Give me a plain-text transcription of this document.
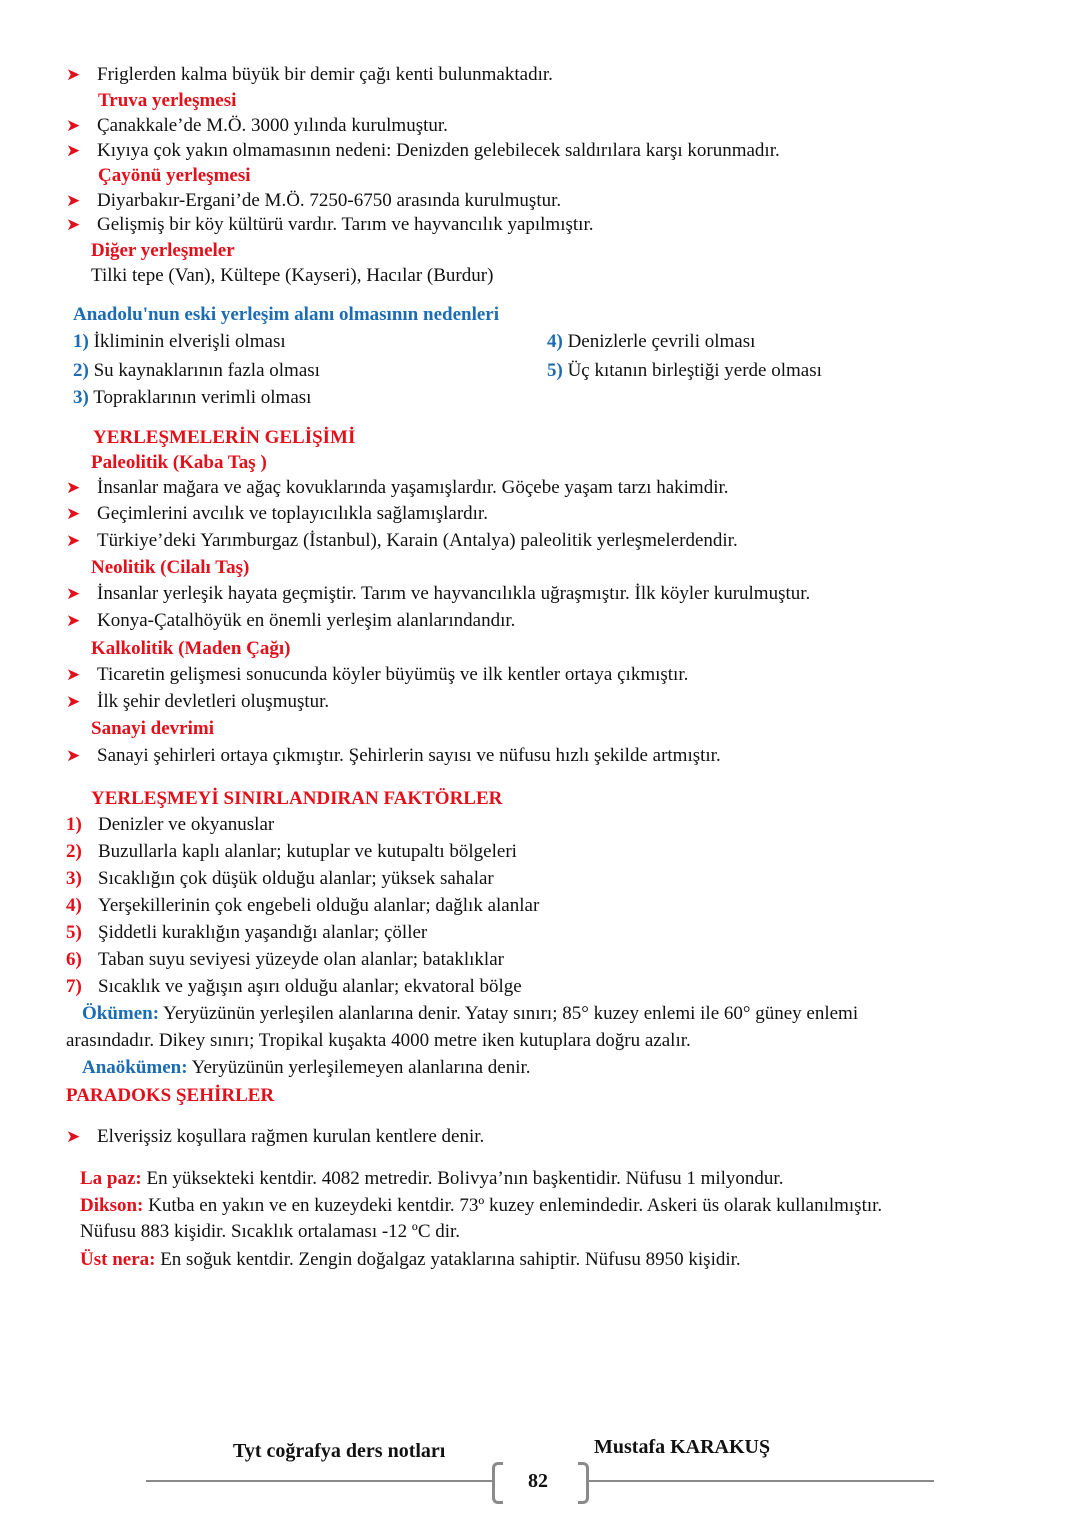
➤ Friglerden kalma büyük bir demir çağı kenti bulunmaktadır.
Truva yerleşmesi
➤ Çanakkale’de M.Ö. 3000 yılında kurulmuştur.
➤ Kıyıya çok yakın olmamasının nedeni: Denizden gelebilecek saldırılara karşı korunmadır.
Çayönü yerleşmesi
➤ Diyarbakır-Ergani’de M.Ö. 7250-6750 arasında kurulmuştur.
➤ Gelişmiş bir köy kültürü vardır. Tarım ve hayvancılık yapılmıştır.
Diğer yerleşmeler
Tilki tepe (Van), Kültepe (Kayseri), Hacılar (Burdur)
Anadolu'nun eski yerleşim alanı olmasının nedenleri
1) İkliminin elverişli olması
2) Su kaynaklarının fazla olması
3) Topraklarının verimli olması
4) Denizlerle çevrili olması
5) Üç kıtanın birleştiği yerde olması
YERLEŞMELERİN GELİŞİMİ
Paleolitik (Kaba Taş )
➤ İnsanlar mağara ve ağaç kovuklarında yaşamışlardır. Göçebe yaşam tarzı hakimdir.
➤ Geçimlerini avcılık ve toplayıcılıkla sağlamışlardır.
➤ Türkiye’deki Yarımburgaz (İstanbul), Karain (Antalya) paleolitik yerleşmelerdendir.
Neolitik (Cilalı Taş)
➤ İnsanlar yerleşik hayata geçmiştir. Tarım ve hayvancılıkla uğraşmıştır. İlk köyler kurulmuştur.
➤ Konya-Çatalhöyük en önemli yerleşim alanlarındandır.
Kalkolitik (Maden Çağı)
➤ Ticaretin gelişmesi sonucunda köyler büyümüş ve ilk kentler ortaya çıkmıştır.
➤ İlk şehir devletleri oluşmuştur.
Sanayi devrimi
➤ Sanayi şehirleri ortaya çıkmıştır. Şehirlerin sayısı ve nüfusu hızlı şekilde artmıştır.
YERLEŞMEYİ SINIRLANDIRAN FAKTÖRLER
1) Denizler ve okyanuslar
2) Buzullarla kaplı alanlar; kutuplar ve kutupaltı bölgeleri
3) Sıcaklığın çok düşük olduğu alanlar; yüksek sahalar
4) Yerşekillerinin çok engebeli olduğu alanlar; dağlık alanlar
5) Şiddetli kuraklığın yaşandığı alanlar; çöller
6) Taban suyu seviyesi yüzeyde olan alanlar; bataklıklar
7) Sıcaklık ve yağışın aşırı olduğu alanlar; ekvatoral bölge
Ökümen: Yeryüzünün yerleşilen alanlarına denir. Yatay sınırı; 85° kuzey enlemi ile 60° güney enlemi
arasındadır. Dikey sınırı; Tropikal kuşakta 4000 metre iken kutuplara doğru azalır.
Anaökümen: Yeryüzünün yerleşilemeyen alanlarına denir.
PARADOKS ŞEHİRLER
➤ Elverişsiz koşullara rağmen kurulan kentlere denir.
La paz: En yüksekteki kentdir. 4082 metredir. Bolivya’nın başkentidir. Nüfusu 1 milyondur.
Dikson: Kutba en yakın ve en kuzeydeki kentdir. 73º kuzey enlemindedir. Askeri üs olarak kullanılmıştır.
Nüfusu 883 kişidir. Sıcaklık ortalaması -12 ºC dir.
Üst nera: En soğuk kentdir. Zengin doğalgaz yataklarına sahiptir. Nüfusu 8950 kişidir.
Tyt coğrafya ders notları	Mustafa KARAKUŞ
82
